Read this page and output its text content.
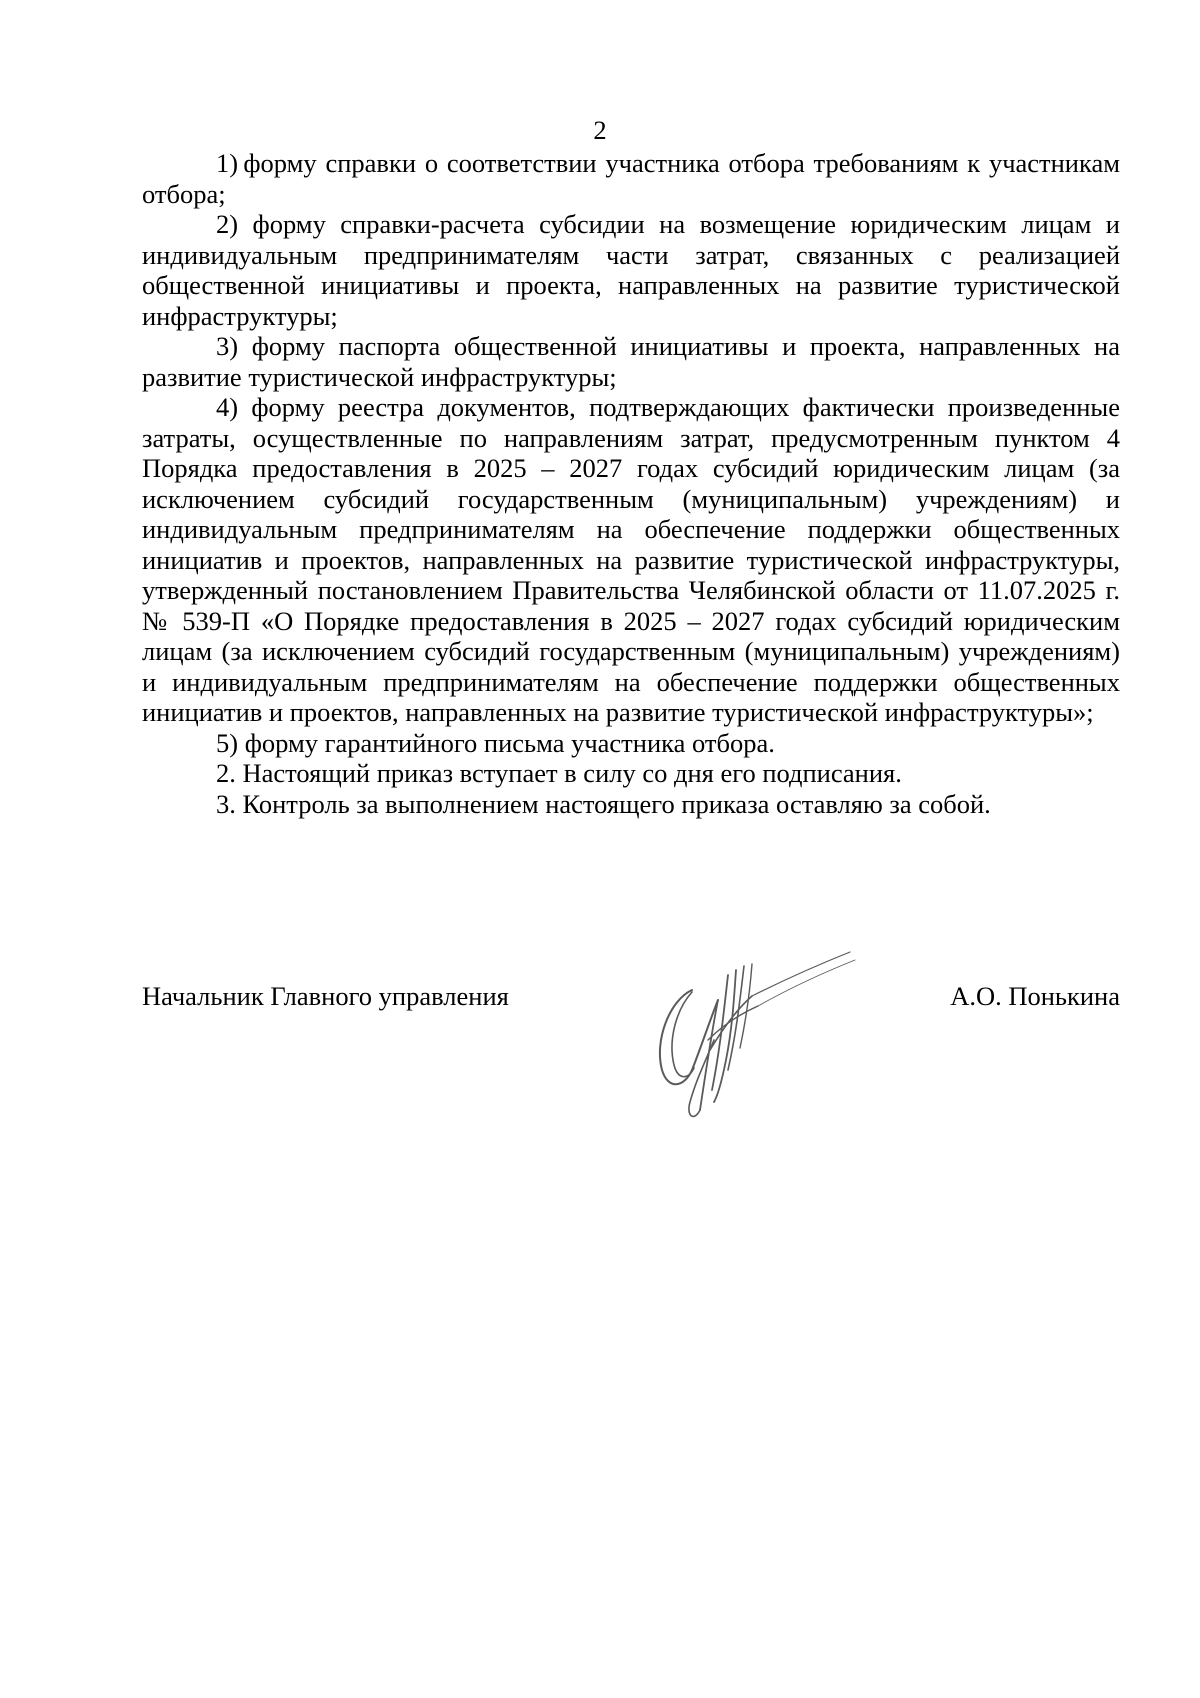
2

1) форму справки о соответствии участника отбора требованиям к участникам отбора;

2) форму справки-расчета субсидии на возмещение юридическим лицам и индивидуальным предпринимателям части затрат, связанных с реализацией общественной инициативы и проекта, направленных на развитие туристической инфраструктуры;

3) форму паспорта общественной инициативы и проекта, направленных на развитие туристической инфраструктуры;

4) форму реестра документов, подтверждающих фактически произведенные затраты, осуществленные по направлениям затрат, предусмотренным пунктом 4 Порядка предоставления в 2025 – 2027 годах субсидий юридическим лицам (за исключением субсидий государственным (муниципальным) учреждениям) и индивидуальным предпринимателям на обеспечение поддержки общественных инициатив и проектов, направленных на развитие туристической инфраструктуры, утвержденный постановлением Правительства Челябинской области от 11.07.2025 г. № 539-П «О Порядке предоставления в 2025 – 2027 годах субсидий юридическим лицам (за исключением субсидий государственным (муниципальным) учреждениям) и индивидуальным предпринимателям на обеспечение поддержки общественных инициатив и проектов, направленных на развитие туристической инфраструктуры»;

5) форму гарантийного письма участника отбора.

2. Настоящий приказ вступает в силу со дня его подписания.

3. Контроль за выполнением настоящего приказа оставляю за собой.

Начальник Главного управления	А.О. Понькина
